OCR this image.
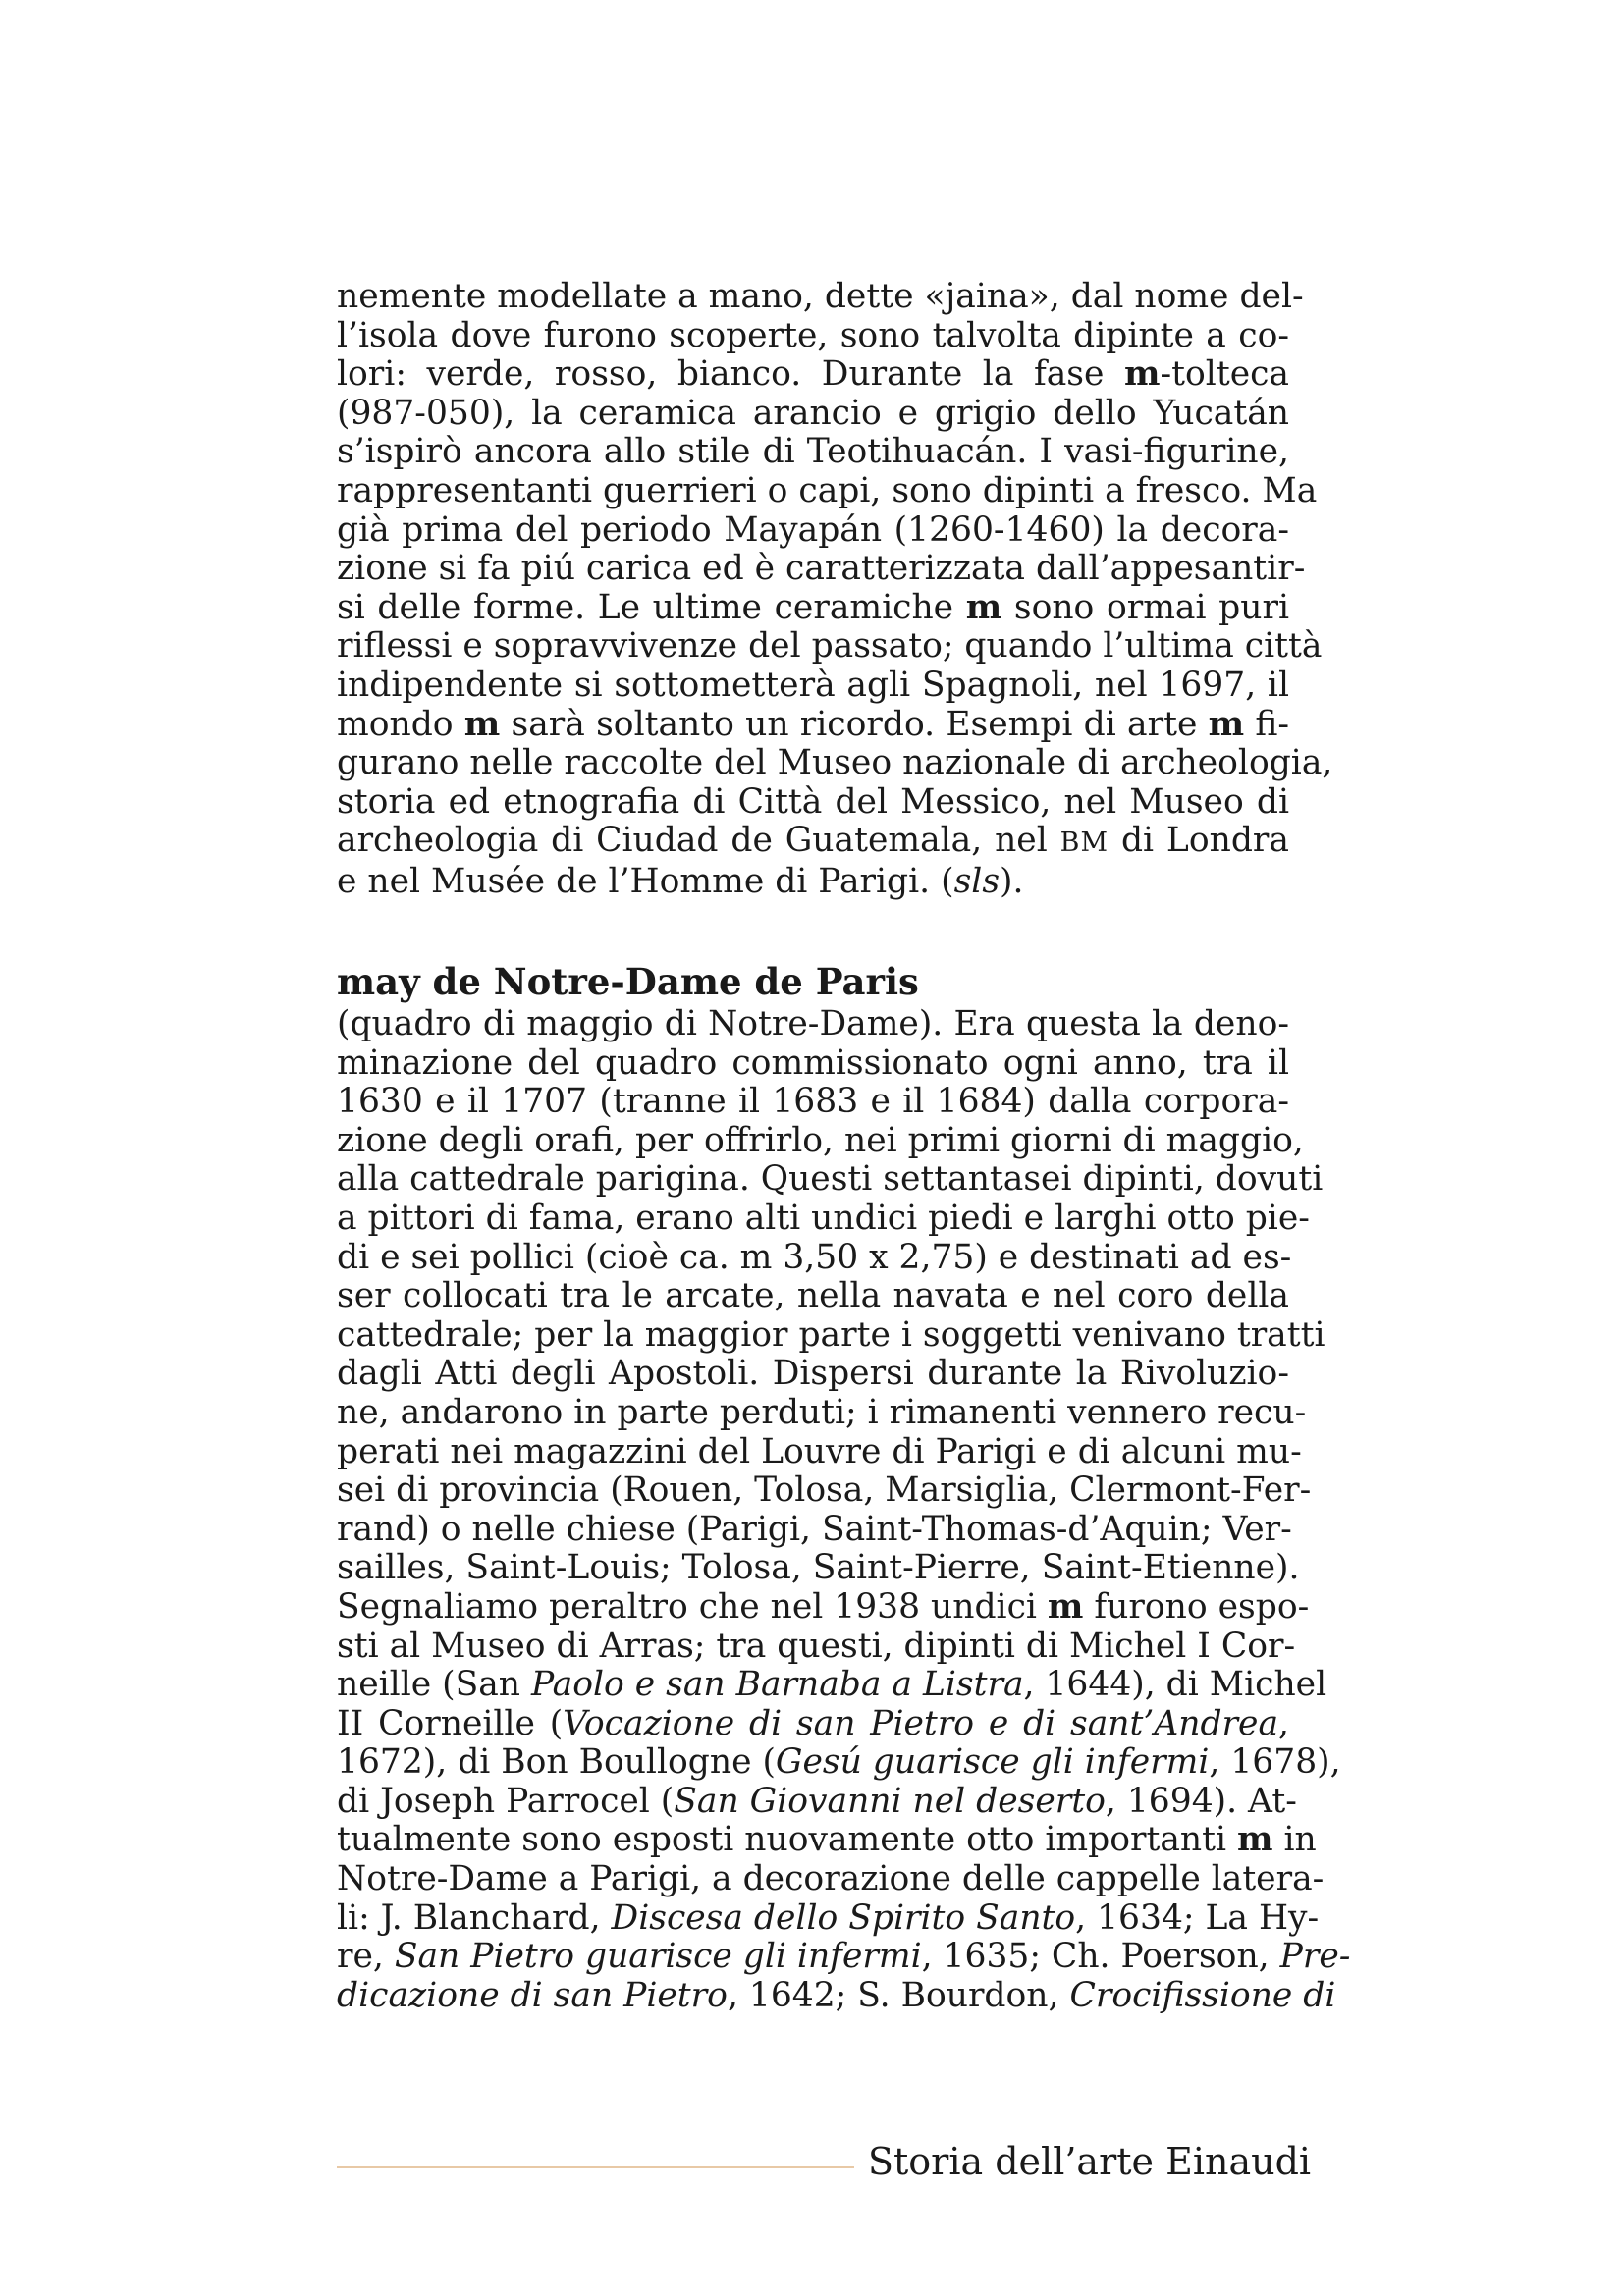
nemente modellate a mano, dette «jaina», dal nome del-
l’isola dove furono scoperte, sono talvolta dipinte a co-
lori: verde, rosso, bianco. Durante la fase m-tolteca
(987-050), la ceramica arancio e grigio dello Yucatán
s’ispirò ancora allo stile di Teotihuacán. I vasi-figurine,
rappresentanti guerrieri o capi, sono dipinti a fresco. Ma
già prima del periodo Mayapán (1260-1460) la decora-
zione si fa piú carica ed è caratterizzata dall’appesantir-
si delle forme. Le ultime ceramiche m sono ormai puri
riflessi e sopravvivenze del passato; quando l’ultima città
indipendente si sottometterà agli Spagnoli, nel 1697, il
mondo m sarà soltanto un ricordo. Esempi di arte m fi-
gurano nelle raccolte del Museo nazionale di archeologia,
storia ed etnografia di Città del Messico, nel Museo di
archeologia di Ciudad de Guatemala, nel BM di Londra
e nel Musée de l’Homme di Parigi. (sls).
may de Notre-Dame de Paris
(quadro di maggio di Notre-Dame). Era questa la deno-
minazione del quadro commissionato ogni anno, tra il
1630 e il 1707 (tranne il 1683 e il 1684) dalla corpora-
zione degli orafi, per offrirlo, nei primi giorni di maggio,
alla cattedrale parigina. Questi settantasei dipinti, dovuti
a pittori di fama, erano alti undici piedi e larghi otto pie-
di e sei pollici (cioè ca. m 3,50 x 2,75) e destinati ad es-
ser collocati tra le arcate, nella navata e nel coro della
cattedrale; per la maggior parte i soggetti venivano tratti
dagli Atti degli Apostoli. Dispersi durante la Rivoluzio-
ne, andarono in parte perduti; i rimanenti vennero recu-
perati nei magazzini del Louvre di Parigi e di alcuni mu-
sei di provincia (Rouen, Tolosa, Marsiglia, Clermont-Fer-
rand) o nelle chiese (Parigi, Saint-Thomas-d’Aquin; Ver-
sailles, Saint-Louis; Tolosa, Saint-Pierre, Saint-Etienne).
Segnaliamo peraltro che nel 1938 undici m furono espo-
sti al Museo di Arras; tra questi, dipinti di Michel I Cor-
neille (San Paolo e san Barnaba a Listra, 1644), di Michel
II Corneille (Vocazione di san Pietro e di sant’Andrea,
1672), di Bon Boullogne (Gesú guarisce gli infermi, 1678),
di Joseph Parrocel (San Giovanni nel deserto, 1694). At-
tualmente sono esposti nuovamente otto importanti m in
Notre-Dame a Parigi, a decorazione delle cappelle latera-
li: J. Blanchard, Discesa dello Spirito Santo, 1634; La Hy-
re, San Pietro guarisce gli infermi, 1635; Ch. Poerson, Pre-
dicazione di san Pietro, 1642; S. Bourdon, Crocifissione di
Storia dell’arte Einaudi
